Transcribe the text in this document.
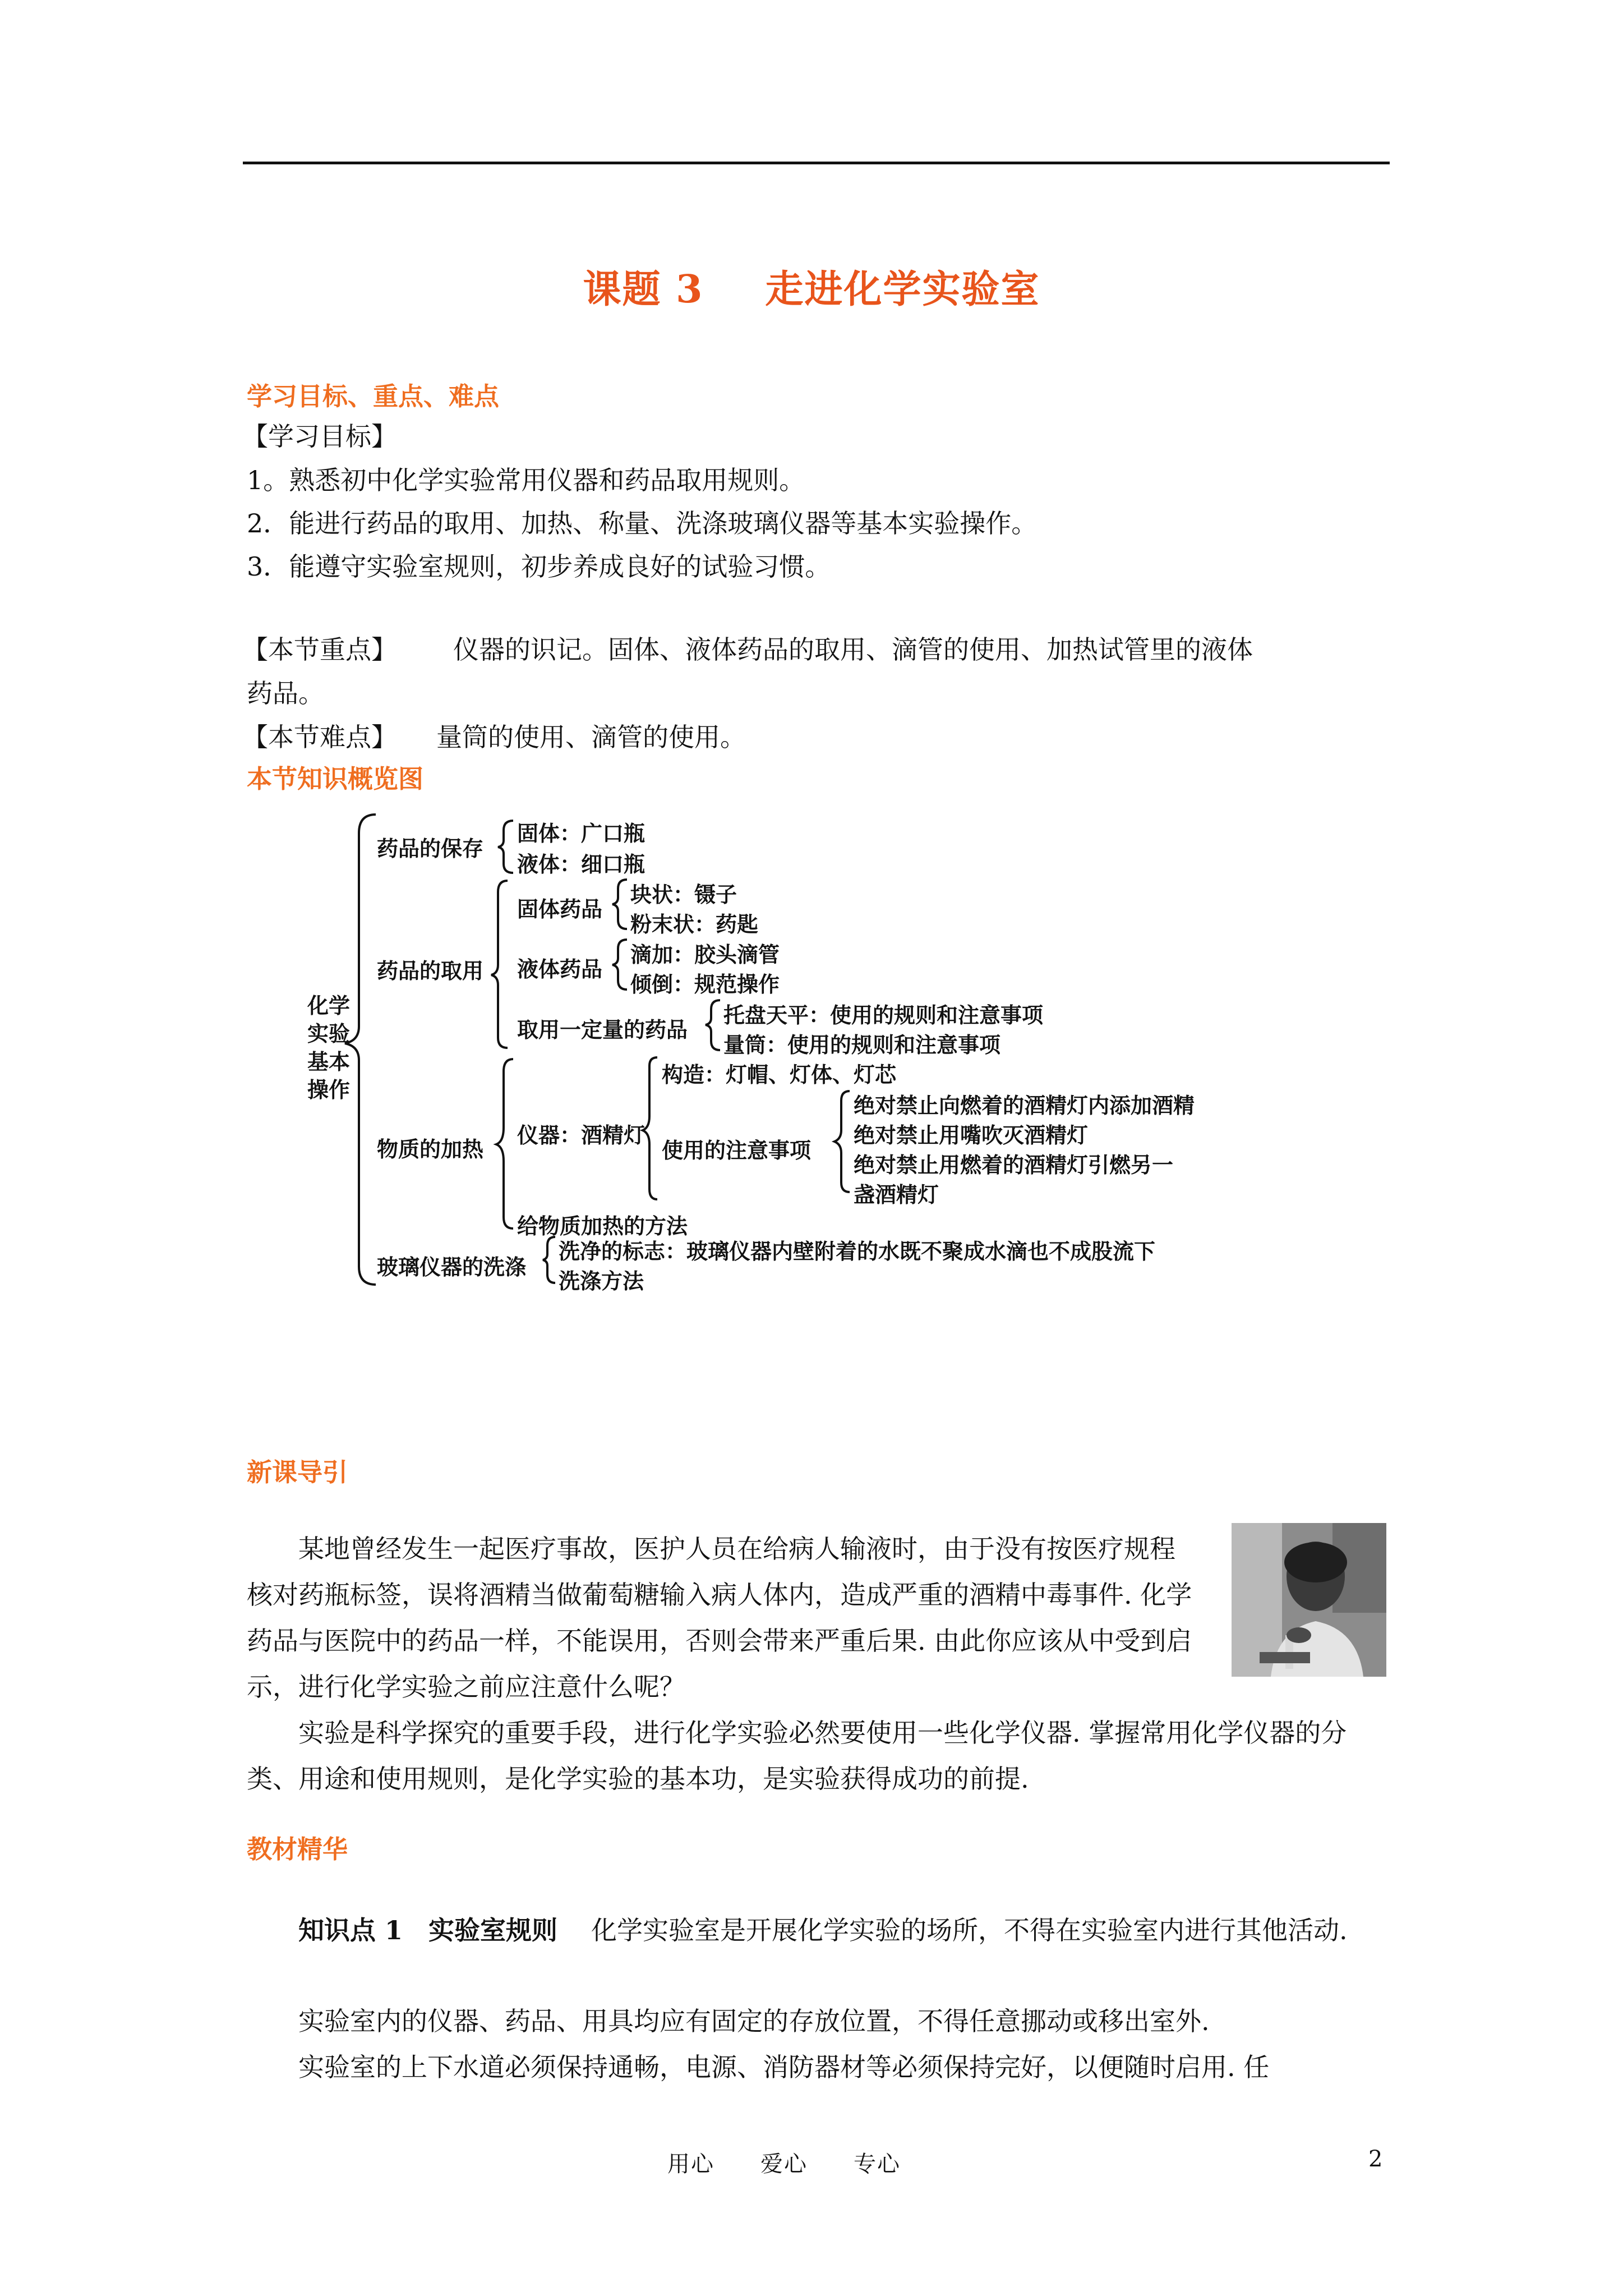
课题 3 走进化学实验室
学习目标、重点、难点
【学习目标】
1。熟悉初中化学实验常用仪器和药品取用规则。
2．能进行药品的取用、加热、称量、洗涤玻璃仪器等基本实验操作。
3．能遵守实验室规则，初步养成良好的试验习惯。
【本节重点】 仪器的识记。固体、液体药品的取用、滴管的使用、加热试管里的液体
药品。
【本节难点】 量筒的使用、滴管的使用。
本节知识概览图
化学
实验
基本
操作
药品的保存
固体：广口瓶
液体：细口瓶
药品的取用
固体药品
块状：镊子
粉末状：药匙
液体药品
滴加：胶头滴管
倾倒：规范操作
取用一定量的药品
托盘天平：使用的规则和注意事项
量筒：使用的规则和注意事项
物质的加热
仪器：酒精灯
构造：灯帽、灯体、灯芯
使用的注意事项
绝对禁止向燃着的酒精灯内添加酒精
绝对禁止用嘴吹灭酒精灯
绝对禁止用燃着的酒精灯引燃另一
盏酒精灯
给物质加热的方法
玻璃仪器的洗涤
洗净的标志：玻璃仪器内壁附着的水既不聚成水滴也不成股流下
洗涤方法
新课导引
某地曾经发生一起医疗事故，医护人员在给病人输液时，由于没有按医疗规程核对药瓶标签，误将酒精当做葡萄糖输入病人体内，造成严重的酒精中毒事件. 化学药品与医院中的药品一样，不能误用，否则会带来严重后果. 由此你应该从中受到启示，进行化学实验之前应注意什么呢？
实验是科学探究的重要手段，进行化学实验必然要使用一些化学仪器. 掌握常用化学仪器的分类、用途和使用规则，是化学实验的基本功，是实验获得成功的前提.
教材精华
知识点 1　实验室规则 化学实验室是开展化学实验的场所，不得在实验室内进行其他活动.
实验室内的仪器、药品、用具均应有固定的存放位置，不得任意挪动或移出室外.
实验室的上下水道必须保持通畅，电源、消防器材等必须保持完好，以便随时启用. 任
用心 爱心 专心	2
